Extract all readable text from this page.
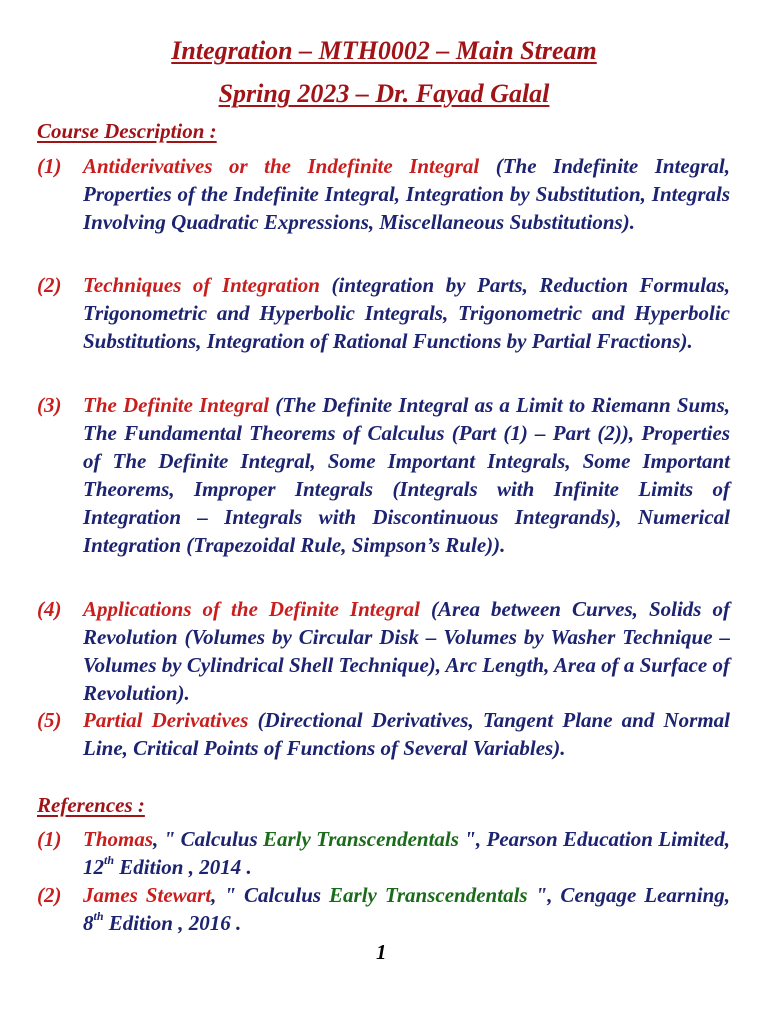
Integration – MTH0002 – Main Stream
Spring 2023 – Dr. Fayad Galal

Course Description :

(1) Antiderivatives or the Indefinite Integral (The Indefinite Integral, Properties of the Indefinite Integral, Integration by Substitution, Integrals Involving Quadratic Expressions, Miscellaneous Substitutions).

(2) Techniques of Integration (integration by Parts, Reduction Formulas, Trigonometric and Hyperbolic Integrals, Trigonometric and Hyperbolic Substitutions, Integration of Rational Functions by Partial Fractions).

(3) The Definite Integral (The Definite Integral as a Limit to Riemann Sums, The Fundamental Theorems of Calculus (Part (1) – Part (2)), Properties of The Definite Integral, Some Important Integrals, Some Important Theorems, Improper Integrals (Integrals with Infinite Limits of Integration – Integrals with Discontinuous Integrands), Numerical Integration (Trapezoidal Rule, Simpson’s Rule)).

(4) Applications of the Definite Integral (Area between Curves, Solids of Revolution (Volumes by Circular Disk – Volumes by Washer Technique – Volumes by Cylindrical Shell Technique), Arc Length, Area of a Surface of Revolution).

(5) Partial Derivatives (Directional Derivatives, Tangent Plane and Normal Line, Critical Points of Functions of Several Variables).

References :

(1) Thomas, " Calculus Early Transcendentals ", Pearson Education Limited, 12th Edition , 2014 .

(2) James Stewart, " Calculus Early Transcendentals ", Cengage Learning, 8th Edition , 2016 .

1
